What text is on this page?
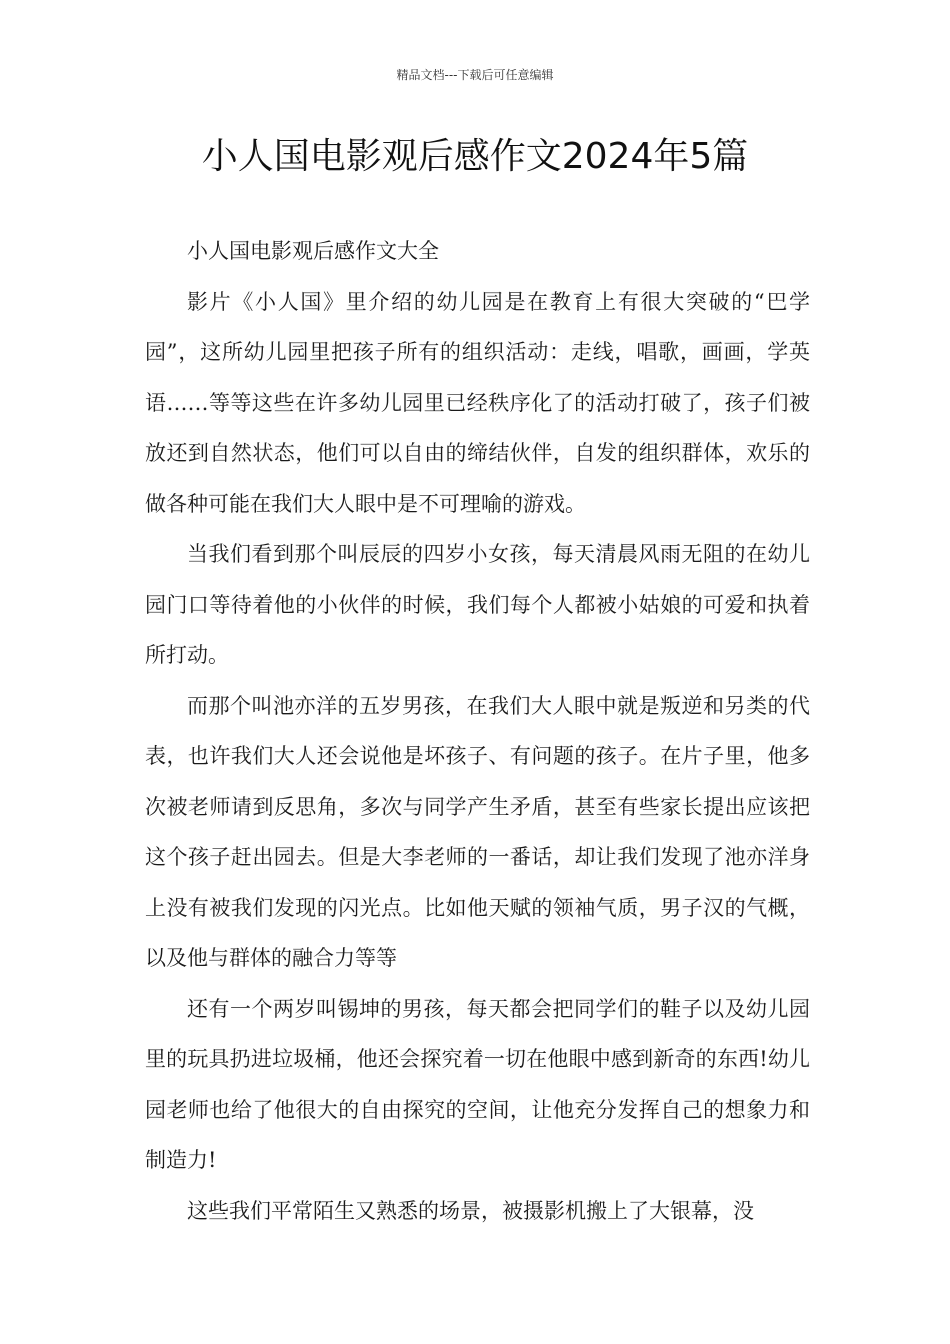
精品文档---下载后可任意编辑
小人国电影观后感作文2024年5篇

小人国电影观后感作文大全

影片《小人国》里介绍的幼儿园是在教育上有很大突破的“巴学园”，这所幼儿园里把孩子所有的组织活动：走线，唱歌，画画，学英语……等等这些在许多幼儿园里已经秩序化了的活动打破了，孩子们被放还到自然状态，他们可以自由的缔结伙伴，自发的组织群体，欢乐的做各种可能在我们大人眼中是不可理喻的游戏。

当我们看到那个叫辰辰的四岁小女孩，每天清晨风雨无阻的在幼儿园门口等待着他的小伙伴的时候，我们每个人都被小姑娘的可爱和执着所打动。

而那个叫池亦洋的五岁男孩，在我们大人眼中就是叛逆和另类的代表，也许我们大人还会说他是坏孩子、有问题的孩子。在片子里，他多次被老师请到反思角，多次与同学产生矛盾，甚至有些家长提出应该把这个孩子赶出园去。但是大李老师的一番话，却让我们发现了池亦洋身上没有被我们发现的闪光点。比如他天赋的领袖气质，男子汉的气概，以及他与群体的融合力等等

还有一个两岁叫锡坤的男孩，每天都会把同学们的鞋子以及幼儿园里的玩具扔进垃圾桶，他还会探究着一切在他眼中感到新奇的东西!幼儿园老师也给了他很大的自由探究的空间，让他充分发挥自己的想象力和制造力!

这些我们平常陌生又熟悉的场景，被摄影机搬上了大银幕，没
